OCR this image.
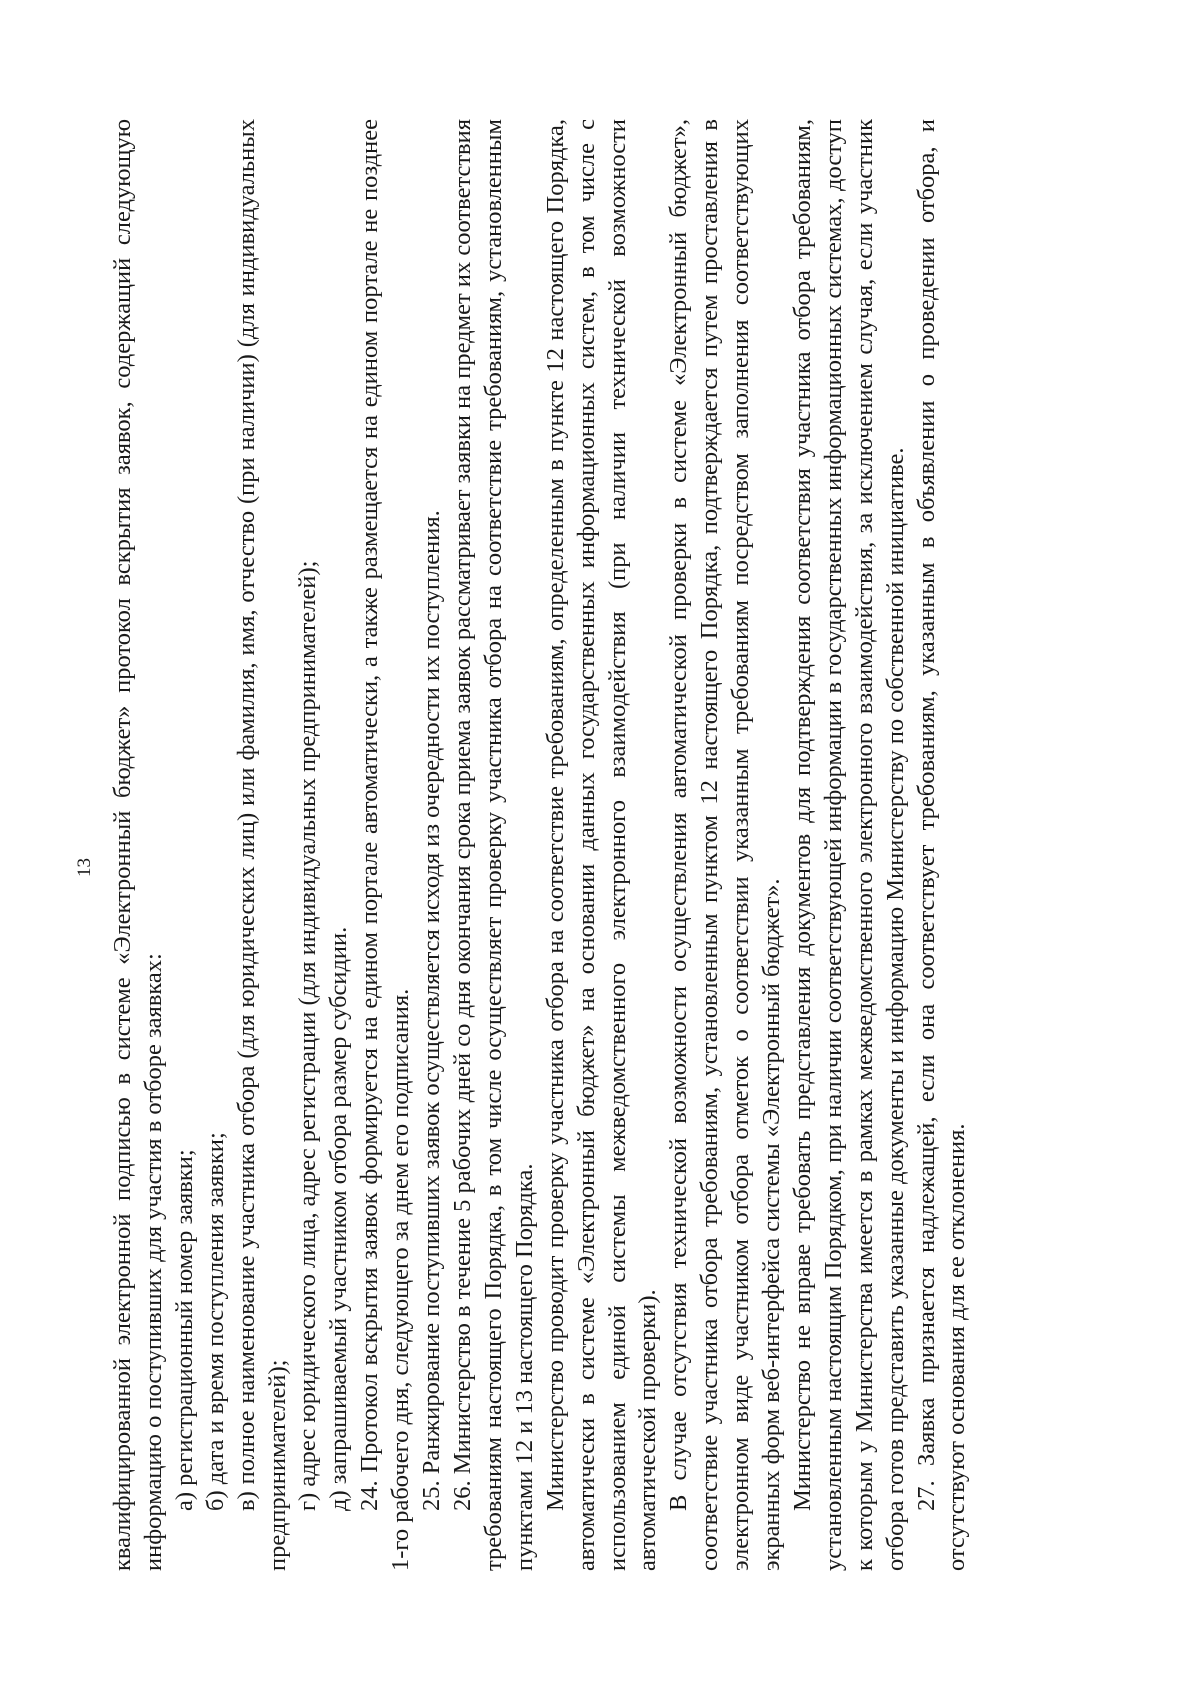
13 квалифицированной электронной подписью в системе «Электронный бюджет» протокол вскрытия заявок, содержащий следующую информацию о поступивших для участия в отборе заявках: а) регистрационный номер заявки; б) дата и время поступления заявки; в) полное наименование участника отбора (для юридических лиц) или фамилия, имя, отчество (при наличии) (для индивидуальных предпринимателей); г) адрес юридического лица, адрес регистрации (для индивидуальных предпринимателей); д) запрашиваемый участником отбора размер субсидии. 24. Протокол вскрытия заявок формируется на едином портале автоматически, а также размещается на едином портале не позднее 1-го рабочего дня, следующего за днем его подписания. 25. Ранжирование поступивших заявок осуществляется исходя из очередности их поступления. 26. Министерство в течение 5 рабочих дней со дня окончания срока приема заявок рассматривает заявки на предмет их соответствия требованиям настоящего Порядка, в том числе осуществляет проверку участника отбора на соответствие требованиям, установленным пунктами 12 и 13 настоящего Порядка. Министерство проводит проверку участника отбора на соответствие требованиям, определенным в пункте 12 настоящего Порядка, автоматически в системе «Электронный бюджет» на основании данных государственных информационных систем, в том числе с использованием единой системы межведомственного электронного взаимодействия (при наличии технической возможности автоматической проверки). В случае отсутствия технической возможности осуществления автоматической проверки в системе «Электронный бюджет», соответствие участника отбора требованиям, установленным пунктом 12 настоящего Порядка, подтверждается путем проставления в электронном виде участником отбора отметок о соответствии указанным требованиям посредством заполнения соответствующих экранных форм веб-интерфейса системы «Электронный бюджет». Министерство не вправе требовать представления документов для подтверждения соответствия участника отбора требованиям, установленным настоящим Порядком, при наличии соответствующей информации в государственных информационных системах, доступ к которым у Министерства имеется в рамках межведомственного электронного взаимодействия, за исключением случая, если участник отбора готов представить указанные документы и информацию Министерству по собственной инициативе. 27. Заявка признается надлежащей, если она соответствует требованиям, указанным в объявлении о проведении отбора, и отсутствуют основания для ее отклонения.
